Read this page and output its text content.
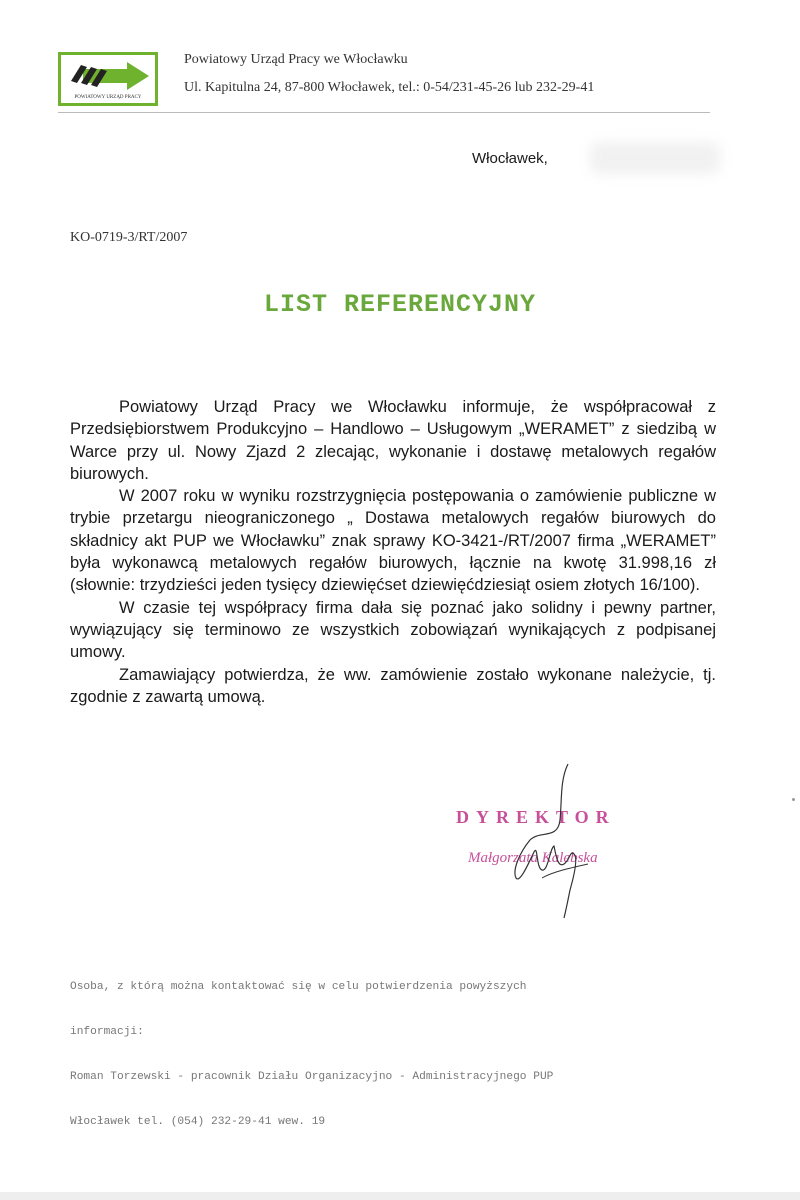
POWIATOWY URZĄD PRACY
Powiatowy Urząd Pracy we Włocławku
Ul. Kapitulna 24, 87-800 Włocławek, tel.: 0-54/231-45-26 lub 232-29-41
Włocławek,
KO-0719-3/RT/2007
LIST REFERENCYJNY

Powiatowy Urząd Pracy we Włocławku informuje, że współpracował z Przedsiębiorstwem Produkcyjno – Handlowo – Usługowym „WERAMET” z siedzibą w Warce przy ul. Nowy Zjazd 2 zlecając, wykonanie i dostawę metalowych regałów biurowych.

W 2007 roku w wyniku rozstrzygnięcia postępowania o zamówienie publiczne w trybie przetargu nieograniczonego „ Dostawa metalowych regałów biurowych do składnicy akt PUP we Włocławku” znak sprawy KO-3421-/RT/2007 firma „WERAMET” była wykonawcą metalowych regałów biurowych, łącznie na kwotę 31.998,16 zł (słownie: trzydzieści jeden tysięcy dziewięćset dziewięćdziesiąt osiem złotych 16/100).

W czasie tej współpracy firma dała się poznać jako solidny i pewny partner, wywiązujący się terminowo ze wszystkich zobowiązań wynikających z podpisanej umowy.

Zamawiający potwierdza, że ww. zamówienie zostało wykonane należycie, tj. zgodnie z zawartą umową.

DYREKTOR
Małgorzata Kalebska

Osoba, z którą można kontaktować się w celu potwierdzenia powyższych

informacji:

Roman Torzewski - pracownik Działu Organizacyjno - Administracyjnego PUP

Włocławek tel. (054) 232-29-41 wew. 19
